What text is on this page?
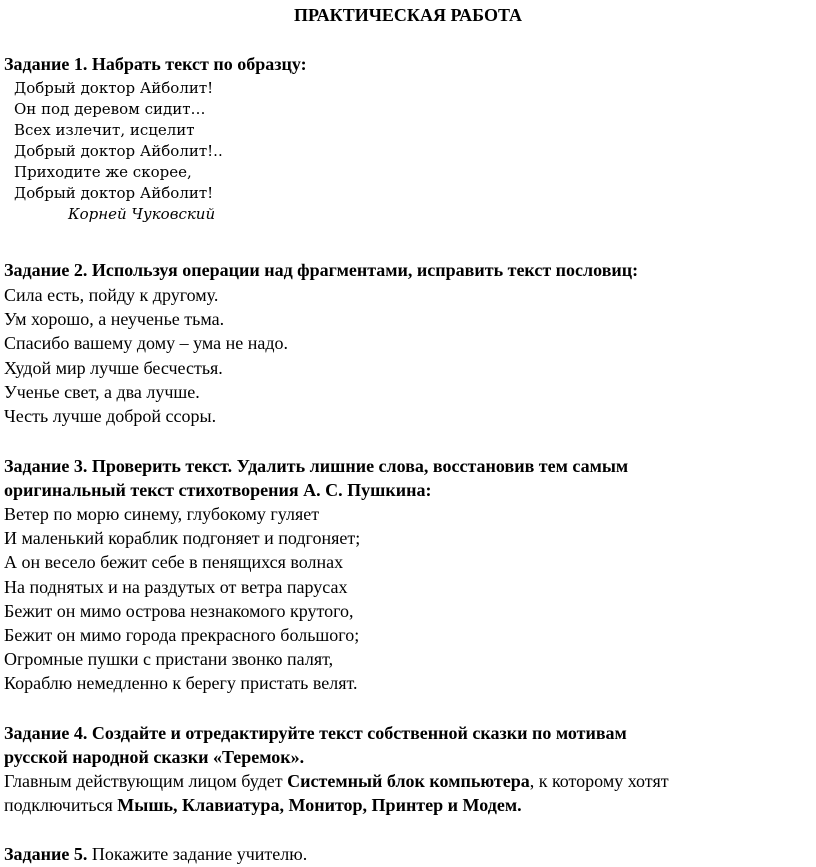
ПРАКТИЧЕСКАЯ РАБОТА
Задание 1. Набрать текст по образцу:
Добрый доктор Айболит!
Он под деревом сидит…
Всех излечит, исцелит
Добрый доктор Айболит!..
Приходите же скорее,
Добрый доктор Айболит!
Корней Чуковский
Задание 2. Используя операции над фрагментами, исправить текст пословиц:
Сила есть, пойду к другому.
Ум хорошо, а неученье тьма.
Спасибо вашему дому – ума не надо.
Худой мир лучше бесчестья.
Ученье свет, а два лучше.
Честь лучше доброй ссоры.
Задание 3. Проверить текст. Удалить лишние слова, восстановив тем самым
оригинальный текст стихотворения А. С. Пушкина:
Ветер по морю синему, глубокому гуляет
И маленький кораблик подгоняет и подгоняет;
А он весело бежит себе в пенящихся волнах
На поднятых и на раздутых от ветра парусах
Бежит он мимо острова незнакомого крутого,
Бежит он мимо города прекрасного большого;
Огромные пушки с пристани звонко палят,
Кораблю немедленно к берегу пристать велят.
Задание 4. Создайте и отредактируйте текст собственной сказки по мотивам
русской народной сказки «Теремок».
Главным действующим лицом будет Системный блок компьютера, к которому хотят
подключиться Мышь, Клавиатура, Монитор, Принтер и Модем.
Задание 5. Покажите задание учителю.
